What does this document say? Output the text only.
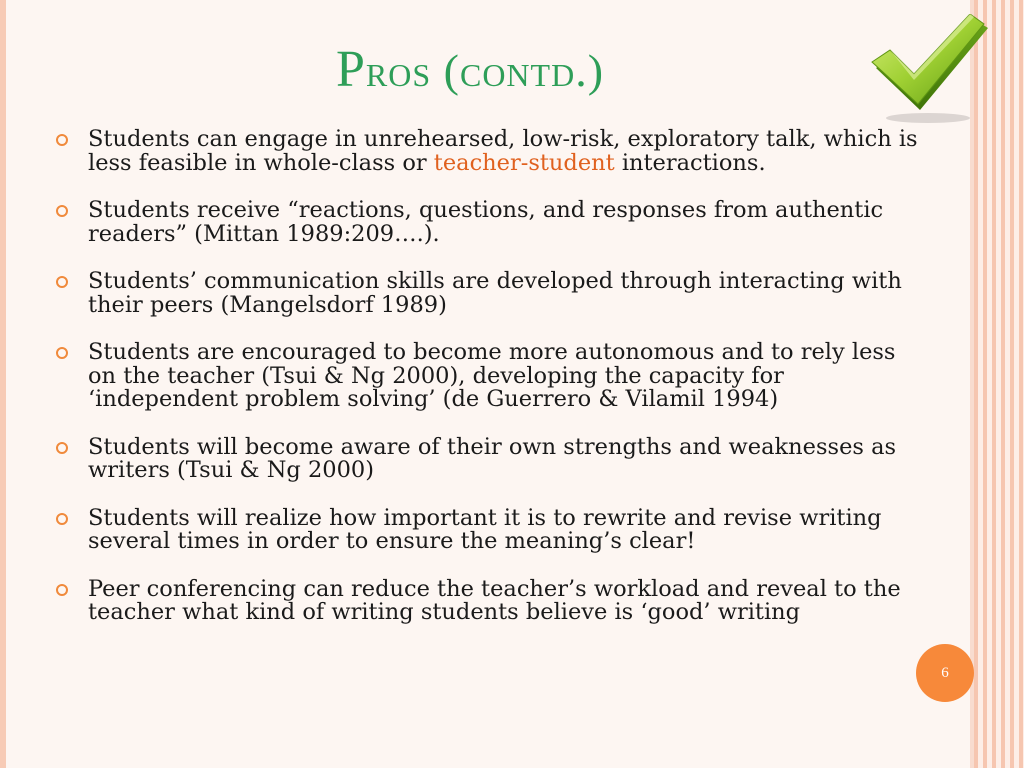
Pros (contd.)
Students can engage in unrehearsed, low-risk, exploratory talk, which is less feasible in whole-class or teacher-student interactions.
Students receive “reactions, questions, and responses from authentic readers” (Mittan 1989:209….).
Students’ communication skills are developed through interacting with their peers (Mangelsdorf 1989)
Students are encouraged to become more autonomous and to rely less on the teacher (Tsui & Ng 2000), developing the capacity for ‘independent problem solving’ (de Guerrero & Vilamil 1994)
Students will become aware of their own strengths and weaknesses as writers (Tsui & Ng 2000)
Students will realize how important it is to rewrite and revise writing several times in order to ensure the meaning’s clear!
Peer conferencing can reduce the teacher’s workload and reveal to the teacher what kind of writing students believe is ‘good’ writing
6
